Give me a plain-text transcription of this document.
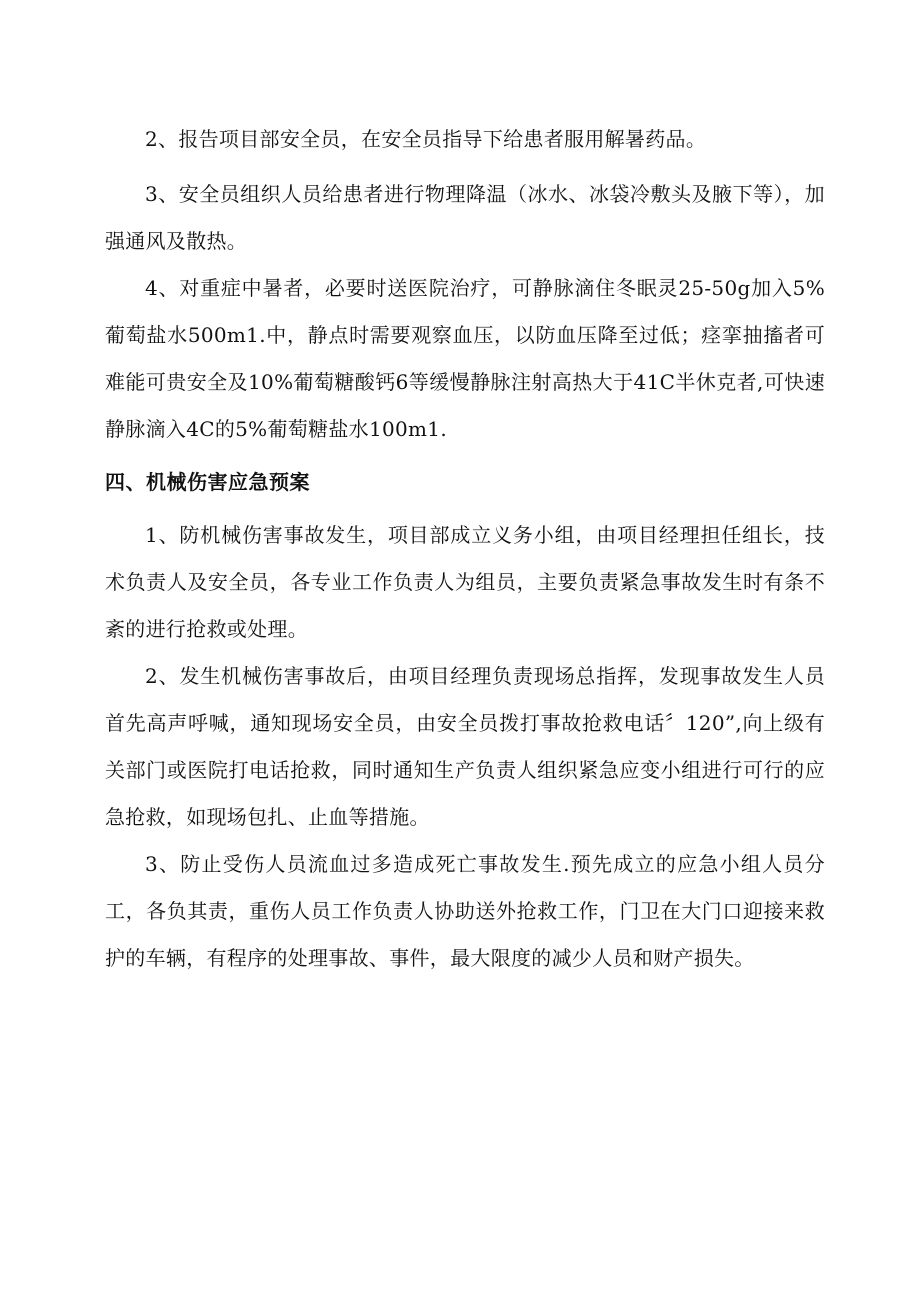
2、报告项目部安全员，在安全员指导下给患者服用解暑药品。

3、安全员组织人员给患者进行物理降温（冰水、冰袋冷敷头及腋下等），加强通风及散热。

4、对重症中暑者，必要时送医院治疗，可静脉滴住冬眠灵25-50g加入5%葡萄盐水500m1.中，静点时需要观察血压，以防血压降至过低；痉挛抽搐者可难能可贵安全及10%葡萄糖酸钙6等缓慢静脉注射高热大于41C半休克者,可快速静脉滴入4C的5%葡萄糖盐水100m1.

四、机械伤害应急预案

1、防机械伤害事故发生，项目部成立义务小组，由项目经理担任组长，技术负责人及安全员，各专业工作负责人为组员，主要负责紧急事故发生时有条不紊的进行抢救或处理。

2、发生机械伤害事故后，由项目经理负责现场总指挥，发现事故发生人员首先高声呼喊，通知现场安全员，由安全员拨打事故抢救电话〞120”,向上级有关部门或医院打电话抢救，同时通知生产负责人组织紧急应变小组进行可行的应急抢救，如现场包扎、止血等措施。

3、防止受伤人员流血过多造成死亡事故发生.预先成立的应急小组人员分工，各负其责，重伤人员工作负责人协助送外抢救工作，门卫在大门口迎接来救护的车辆，有程序的处理事故、事件，最大限度的减少人员和财产损失。
